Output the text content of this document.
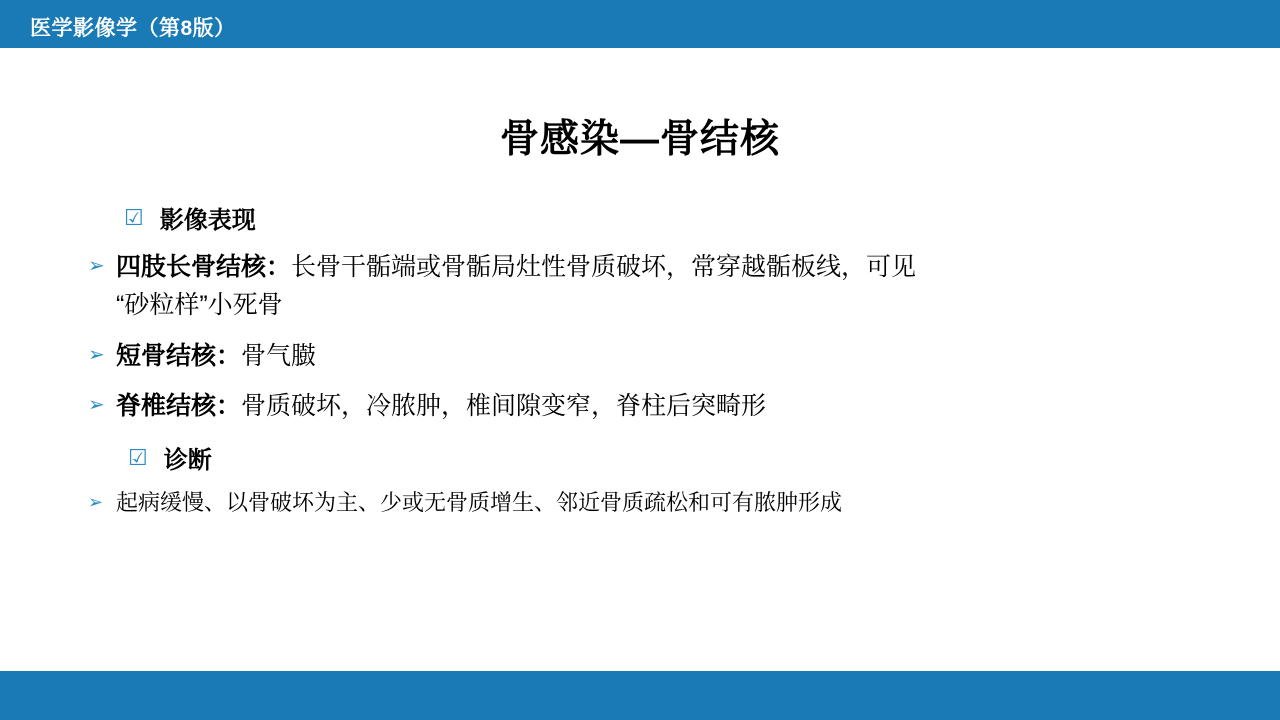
医学影像学（第8版）
骨感染—骨结核
☑ 影像表现
➢ 四肢长骨结核：长骨干骺端或骨骺局灶性骨质破坏，常穿越骺板线，可见
“砂粒样”小死骨
➢ 短骨结核：骨气臌
➢ 脊椎结核：骨质破坏，冷脓肿，椎间隙变窄，脊柱后突畸形
☑ 诊断
➢ 起病缓慢、以骨破坏为主、少或无骨质增生、邻近骨质疏松和可有脓肿形成
